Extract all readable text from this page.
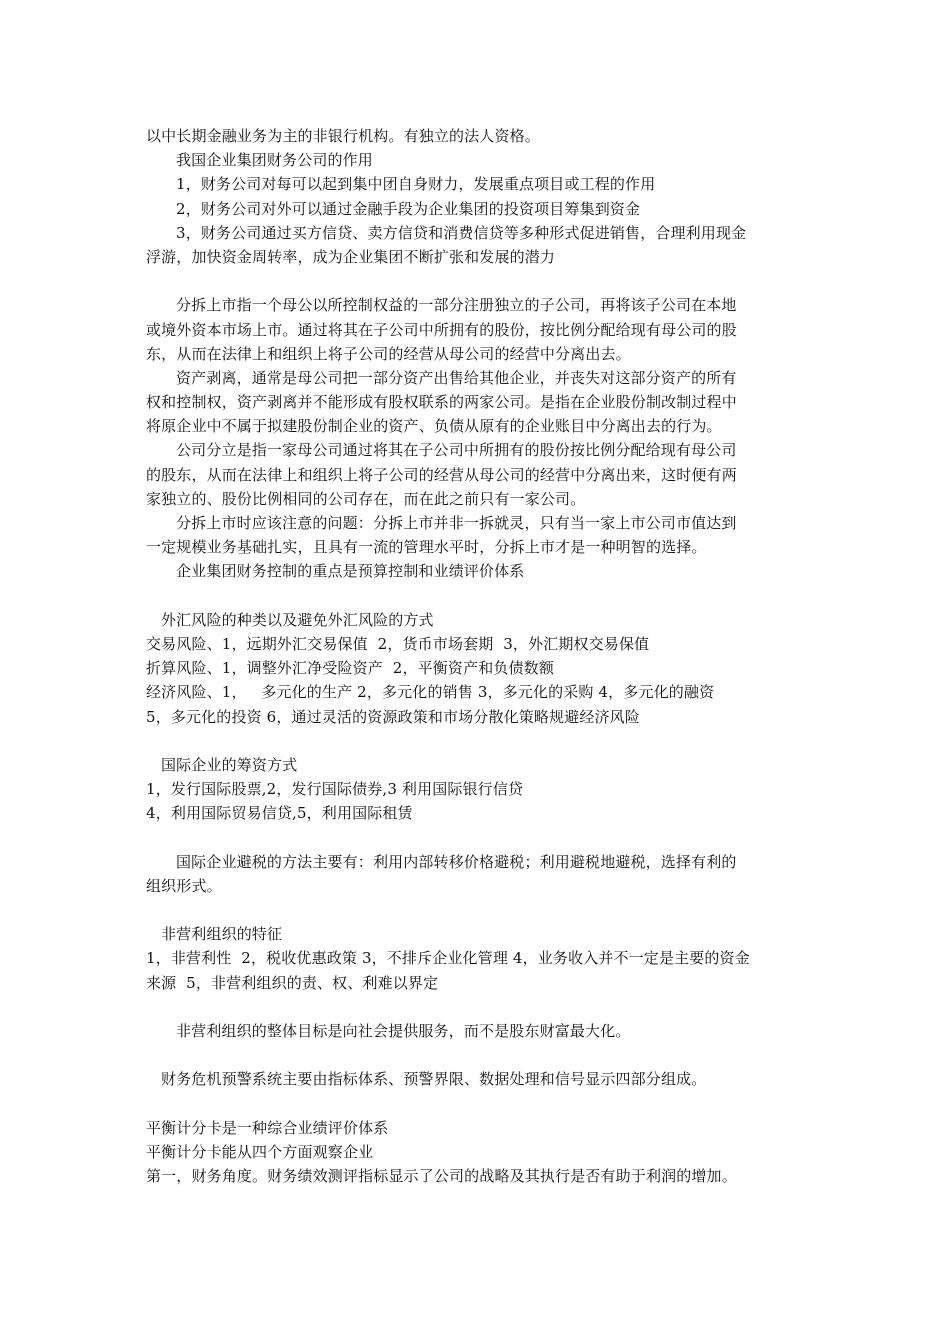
以中长期金融业务为主的非银行机构。有独立的法人资格。
我国企业集团财务公司的作用
1，财务公司对每可以起到集中团自身财力，发展重点项目或工程的作用
2，财务公司对外可以通过金融手段为企业集团的投资项目筹集到资金
3，财务公司通过买方信贷、卖方信贷和消费信贷等多种形式促进销售，合理利用现金
浮游，加快资金周转率，成为企业集团不断扩张和发展的潜力
分拆上市指一个母公以所控制权益的一部分注册独立的子公司，再将该子公司在本地
或境外资本市场上市。通过将其在子公司中所拥有的股份，按比例分配给现有母公司的股
东，从而在法律上和组织上将子公司的经营从母公司的经营中分离出去。
资产剥离，通常是母公司把一部分资产出售给其他企业，并丧失对这部分资产的所有
权和控制权，资产剥离并不能形成有股权联系的两家公司。是指在企业股份制改制过程中
将原企业中不属于拟建股份制企业的资产、负债从原有的企业账目中分离出去的行为。
公司分立是指一家母公司通过将其在子公司中所拥有的股份按比例分配给现有母公司
的股东，从而在法律上和组织上将子公司的经营从母公司的经营中分离出来，这时便有两
家独立的、股份比例相同的公司存在，而在此之前只有一家公司。
分拆上市时应该注意的问题：分拆上市并非一拆就灵，只有当一家上市公司市值达到
一定规模业务基础扎实，且具有一流的管理水平时，分拆上市才是一种明智的选择。
企业集团财务控制的重点是预算控制和业绩评价体系
外汇风险的种类以及避免外汇风险的方式
交易风险、1，远期外汇交易保值  2，货币市场套期  3，外汇期权交易保值
折算风险、1，调整外汇净受险资产  2，平衡资产和负债数额
经济风险、1，   多元化的生产 2，多元化的销售 3，多元化的采购 4，多元化的融资
5，多元化的投资 6，通过灵活的资源政策和市场分散化策略规避经济风险
国际企业的筹资方式
1，发行国际股票,2，发行国际债券,3 利用国际银行信贷
4，利用国际贸易信贷,5，利用国际租赁
国际企业避税的方法主要有：利用内部转移价格避税；利用避税地避税，选择有利的
组织形式。
非营利组织的特征
1，非营利性  2，税收优惠政策 3，不排斥企业化管理 4，业务收入并不一定是主要的资金
来源  5，非营利组织的责、权、利难以界定
非营利组织的整体目标是向社会提供服务，而不是股东财富最大化。
财务危机预警系统主要由指标体系、预警界限、数据处理和信号显示四部分组成。
平衡计分卡是一种综合业绩评价体系
平衡计分卡能从四个方面观察企业
第一，财务角度。财务绩效测评指标显示了公司的战略及其执行是否有助于利润的增加。
